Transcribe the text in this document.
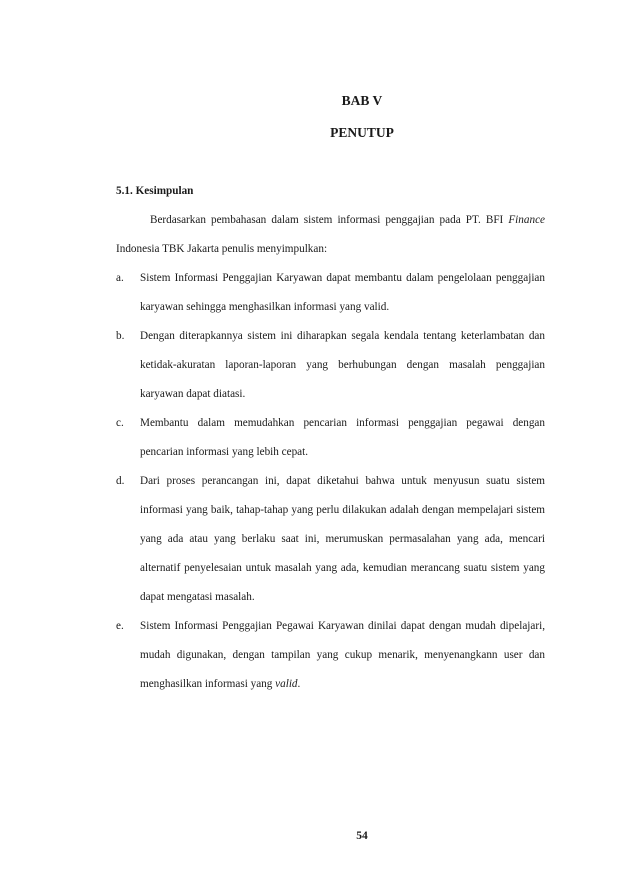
BAB V
PENUTUP

5.1. Kesimpulan

Berdasarkan pembahasan dalam sistem informasi penggajian pada PT. BFI Finance Indonesia TBK Jakarta penulis menyimpulkan:

a. Sistem Informasi Penggajian Karyawan dapat membantu dalam pengelolaan penggajian karyawan sehingga menghasilkan informasi yang valid.
b. Dengan diterapkannya sistem ini diharapkan segala kendala tentang keterlambatan dan ketidak-akuratan laporan-laporan yang berhubungan dengan masalah penggajian karyawan dapat diatasi.
c. Membantu dalam memudahkan pencarian informasi penggajian pegawai dengan pencarian informasi yang lebih cepat.
d. Dari proses perancangan ini, dapat diketahui bahwa untuk menyusun suatu sistem informasi yang baik, tahap-tahap yang perlu dilakukan adalah dengan mempelajari sistem yang ada atau yang berlaku saat ini, merumuskan permasalahan yang ada, mencari alternatif penyelesaian untuk masalah yang ada, kemudian merancang suatu sistem yang dapat mengatasi masalah.
e. Sistem Informasi Penggajian Pegawai Karyawan dinilai dapat dengan mudah dipelajari, mudah digunakan, dengan tampilan yang cukup menarik, menyenangkann user dan menghasilkan informasi yang valid.
54
